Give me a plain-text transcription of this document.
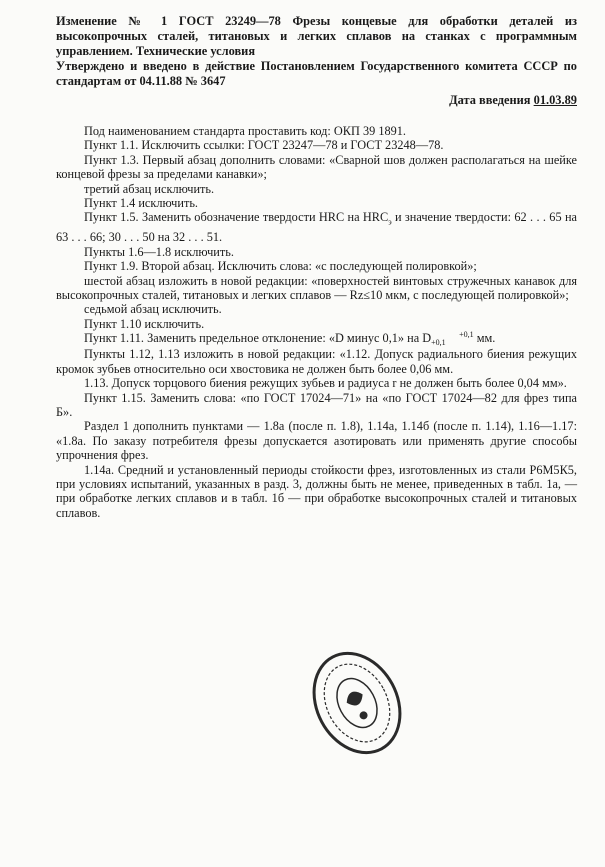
Изменение № 1 ГОСТ 23249—78 Фрезы концевые для обработки деталей из высокопрочных сталей, титановых и легких сплавов на станках с программным управлением. Технические условия

Утверждено и введено в действие Постановлением Государственного комитета СССР по стандартам от 04.11.88 № 3647

Дата введения 01.03.89

Под наименованием стандарта проставить код: ОКП 39 1891.

Пункт 1.1. Исключить ссылки: ГОСТ 23247—78 и ГОСТ 23248—78.

Пункт 1.3. Первый абзац дополнить словами: «Сварной шов должен располагаться на шейке концевой фрезы за пределами канавки»;

третий абзац исключить.

Пункт 1.4 исключить.

Пункт 1.5. Заменить обозначение твердости HRC на $HRC_э$ и значение твердости: 62 . . . 65 на 63 . . . 66; 30 . . . 50 на 32 . . . 51.

Пункты 1.6—1.8 исключить.

Пункт 1.9. Второй абзац. Исключить слова: «с последующей полировкой»;

шестой абзац изложить в новой редакции: «поверхностей винтовых стружечных канавок для высокопрочных сталей, титановых и легких сплавов — Rz≤10 мкм, с последующей полировкой»;

седьмой абзац исключить.

Пункт 1.10 исключить.

Пункт 1.11. Заменить предельное отклонение: «D минус 0,1» на D	+0,1
+0,1 мм.

Пункты 1.12, 1.13 изложить в новой редакции: «1.12. Допуск радиального биения режущих кромок зубьев относительно оси хвостовика не должен быть более 0,06 мм.

1.13. Допуск торцового биения режущих зубьев и радиуса r не должен быть более 0,04 мм».

Пункт 1.15. Заменить слова: «по ГОСТ 17024—71» на «по ГОСТ 17024—82 для фрез типа Б».

Раздел 1 дополнить пунктами — 1.8а (после п. 1.8), 1.14а, 1.14б (после п. 1.14), 1.16—1.17: «1.8а. По заказу потребителя фрезы допускается азотировать или применять другие способы упрочнения фрез.

1.14а. Средний и установленный периоды стойкости фрез, изготовленных из стали Р6М5К5, при условиях испытаний, указанных в разд. 3, должны быть не менее, приведенных в табл. 1а, — при обработке легких сплавов и в табл. 1б — при обработке высокопрочных сталей и титановых сплавов.
